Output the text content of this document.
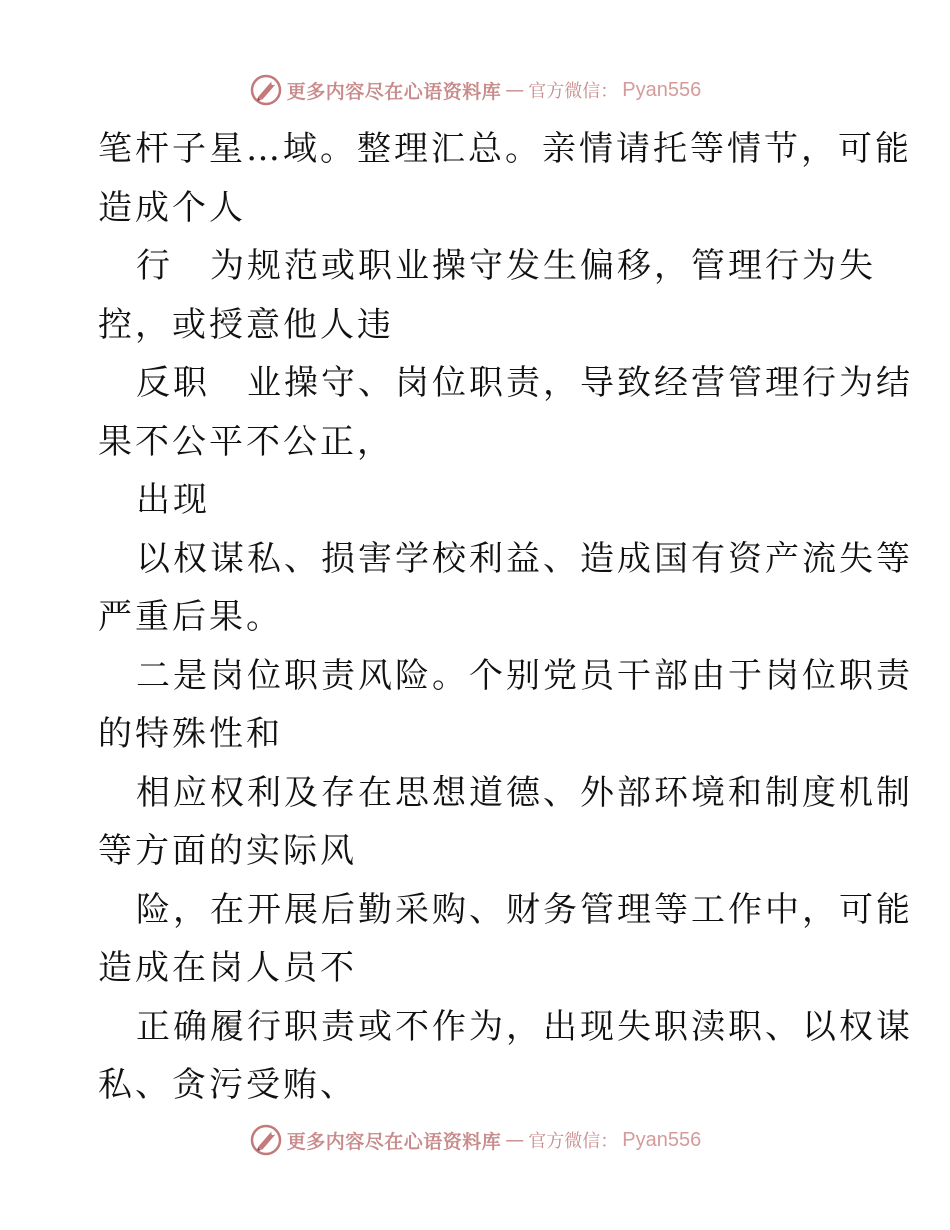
更多内容尽在心语资料库 — 官方微信： Pyan556
笔杆子星…域。整理汇总。亲情请托等情节，可能
造成个人
行　为规范或职业操守发生偏移，管理行为失
控，或授意他人违
反职　业操守、岗位职责，导致经营管理行为结
果不公平不公正，
出现
以权谋私、损害学校利益、造成国有资产流失等
严重后果。
二是岗位职责风险。个别党员干部由于岗位职责
的特殊性和
相应权利及存在思想道德、外部环境和制度机制
等方面的实际风
险，在开展后勤采购、财务管理等工作中，可能
造成在岗人员不
正确履行职责或不作为，出现失职渎职、以权谋
私、贪污受贿、
更多内容尽在心语资料库 — 官方微信： Pyan556
